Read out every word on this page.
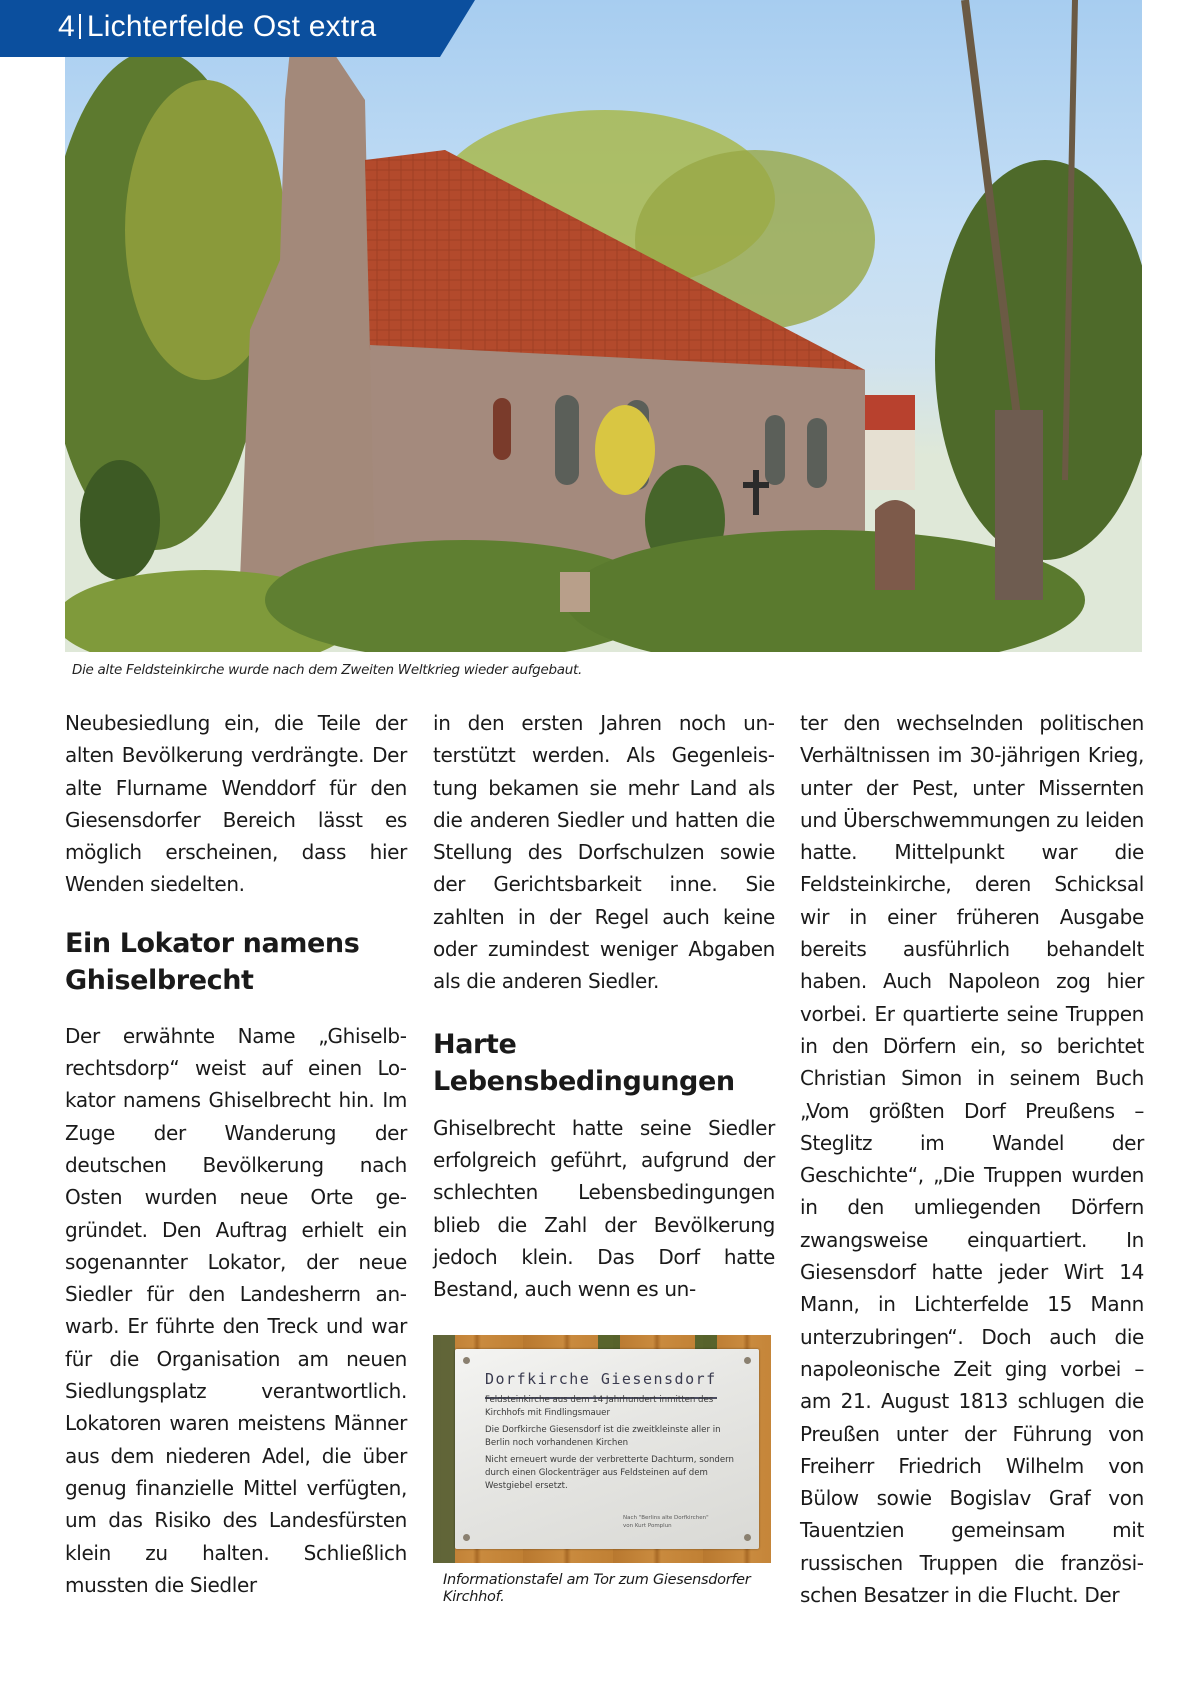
4 Lichterfelde Ost extra
Die alte Feldsteinkirche wurde nach dem Zweiten Weltkrieg wieder aufgebaut.

Neubesiedlung ein, die Teile der alten Bevölkerung verdrängte. Der alte Flurname Wenddorf für den Giesensdorfer Bereich lässt es möglich erscheinen, dass hier Wenden siedelten.

Ein Lokator namens Ghiselbrecht

Der erwähnte Name „Ghiselbrechtsdorp“ weist auf einen Lokator namens Ghiselbrecht hin. Im Zuge der Wanderung der deutschen Bevölkerung nach Osten wurden neue Orte gegründet. Den Auftrag erhielt ein sogenannter Lokator, der neue Siedler für den Landesherrn anwarb. Er führte den Treck und war für die Organisation am neuen Siedlungsplatz verantwortlich. Lokatoren waren meistens Männer aus dem niederen Adel, die über genug finanzielle Mittel verfügten, um das Risiko des Landesfürsten klein zu halten. Schließlich mussten die Siedler

in den ersten Jahren noch unterstützt werden. Als Gegenleistung bekamen sie mehr Land als die anderen Siedler und hatten die Stellung des Dorfschulzen sowie der Gerichtsbarkeit inne. Sie zahlten in der Regel auch keine oder zumindest weniger Abgaben als die anderen Siedler.

Harte Lebensbedingungen

Ghiselbrecht hatte seine Siedler erfolgreich geführt, aufgrund der schlechten Lebensbedingungen blieb die Zahl der Bevölkerung jedoch klein. Das Dorf hatte Bestand, auch wenn es un-

Dorfkirche Giesensdorf
Feldsteinkirche aus dem 14 Jahrhundert inmitten des Kirchhofs mit Findlingsmauer
Die Dorfkirche Giesensdorf ist die zweitkleinste aller in Berlin noch vorhandenen Kirchen
Nicht erneuert wurde der verbretterte Dachturm, sondern durch einen Glockenträger aus Feldsteinen auf dem Westgiebel ersetzt.
Nach "Berlins alte Dorfkirchen"
von Kurt Pomplun
Informationstafel am Tor zum Giesensdorfer Kirchhof.

ter den wechselnden politischen Verhältnissen im 30-jährigen Krieg, unter der Pest, unter Missernten und Überschwemmungen zu leiden hatte. Mittelpunkt war die Feldsteinkirche, deren Schicksal wir in einer früheren Ausgabe bereits ausführlich behandelt haben. Auch Napoleon zog hier vorbei. Er quartierte seine Truppen in den Dörfern ein, so berichtet Christian Simon in seinem Buch „Vom größten Dorf Preußens – Steglitz im Wandel der Geschichte“, „Die Truppen wurden in den umliegenden Dörfern zwangsweise einquartiert. In Giesensdorf hatte jeder Wirt 14 Mann, in Lichterfelde 15 Mann unterzubringen“. Doch auch die napoleonische Zeit ging vorbei – am 21. August 1813 schlugen die Preußen unter der Führung von Freiherr Friedrich Wilhelm von Bülow sowie Bogislav Graf von Tauentzien gemeinsam mit russischen Truppen die französischen Besatzer in die Flucht. Der
